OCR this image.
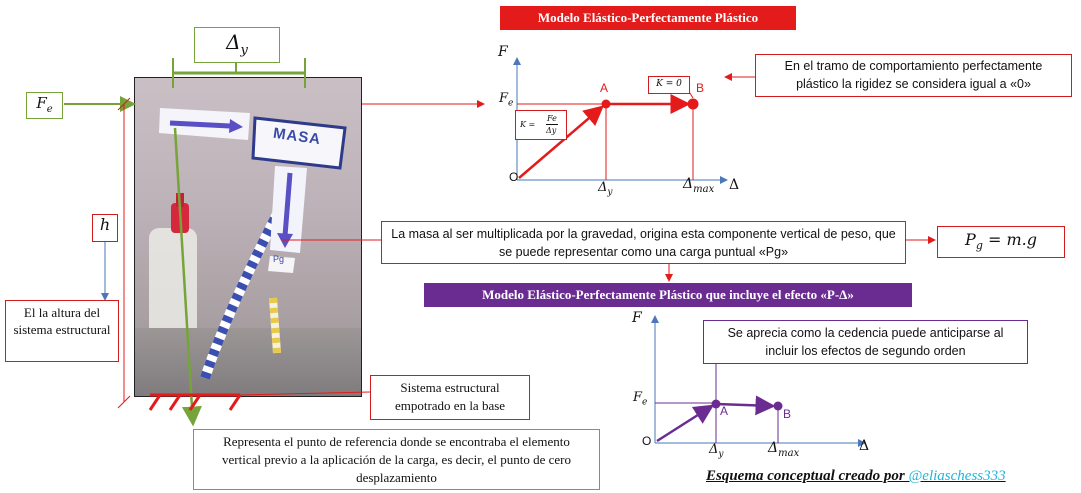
MASA
Pg
$\Delta_y$
$F_e$
h
El la altura del sistema estructural
Sistema estructural empotrado en la base
Representa el punto de referencia donde se encontraba el elemento vertical previo a la aplicación de la carga, es decir, el punto de cero desplazamiento
Modelo Elástico-Perfectamente Plástico
F
Δ
O
$F_e$
A	B
$\Delta_y$
$\Delta_{max}$
K = 0
K =
Fe
Δy
En el tramo de comportamiento perfectamente plástico la rigidez se considera igual a «0»
La masa al ser multiplicada por la gravedad, origina esta componente vertical de peso, que se puede representar como una carga puntual «Pg»
$P_g = m.g$
Modelo Elástico-Perfectamente Plástico que incluye el efecto «P-Δ»
F
Δ
O
$F_e$
A	B
$\Delta_y$	$\Delta_{max}$
Se aprecia como la cedencia puede anticiparse al incluir los efectos de segundo orden
Esquema conceptual creado por @eliaschess333
